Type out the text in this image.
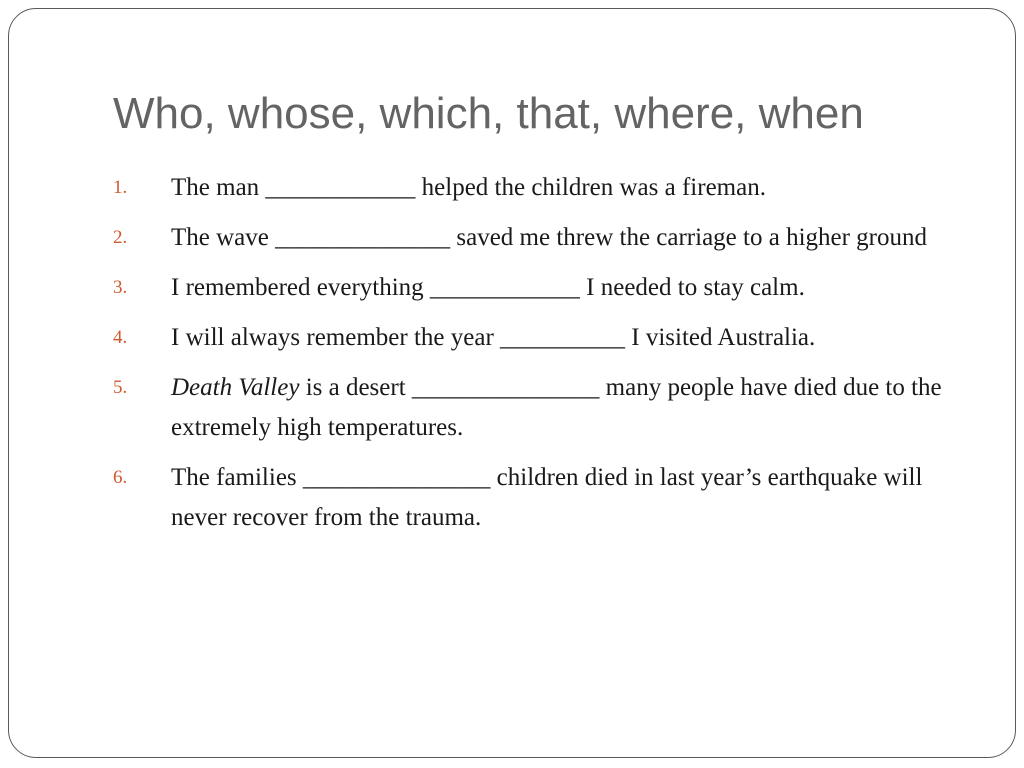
Who, whose, which, that, where, when
1. The man ____________ helped the children was a fireman.
2. The wave ______________ saved me threw the carriage to a higher ground
3. I remembered everything ____________ I needed to stay calm.
4. I will always remember the year __________ I visited Australia.
5. Death Valley is a desert _______________ many people have died due to the extremely high temperatures.
6. The families _______________ children died in last year’s earthquake will never recover from the trauma.
